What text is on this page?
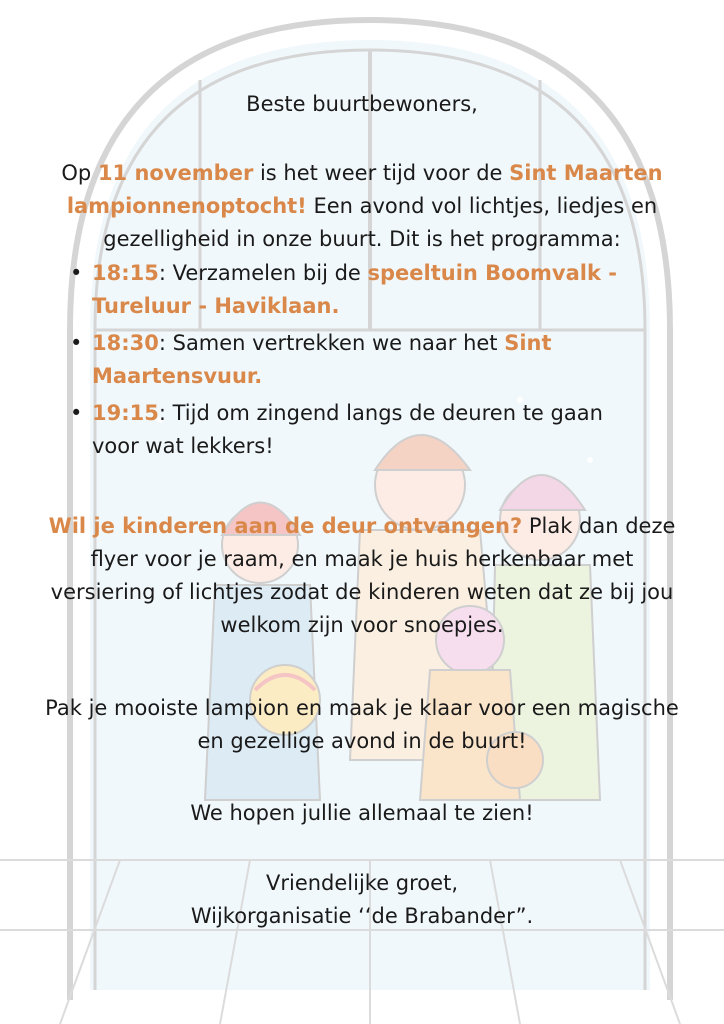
Beste buurtbewoners,
Op 11 november is het weer tijd voor de Sint Maarten lampionnenoptocht! Een avond vol lichtjes, liedjes en gezelligheid in onze buurt. Dit is het programma:
• 18:15: Verzamelen bij de speeltuin Boomvalk - Tureluur - Haviklaan.
• 18:30: Samen vertrekken we naar het Sint Maartensvuur.
• 19:15: Tijd om zingend langs de deuren te gaan voor wat lekkers!
Wil je kinderen aan de deur ontvangen? Plak dan deze flyer voor je raam, en maak je huis herkenbaar met versiering of lichtjes zodat de kinderen weten dat ze bij jou welkom zijn voor snoepjes.
Pak je mooiste lampion en maak je klaar voor een magische en gezellige avond in de buurt!
We hopen jullie allemaal te zien!
Vriendelijke groet,
Wijkorganisatie ‘‘de Brabander”.
